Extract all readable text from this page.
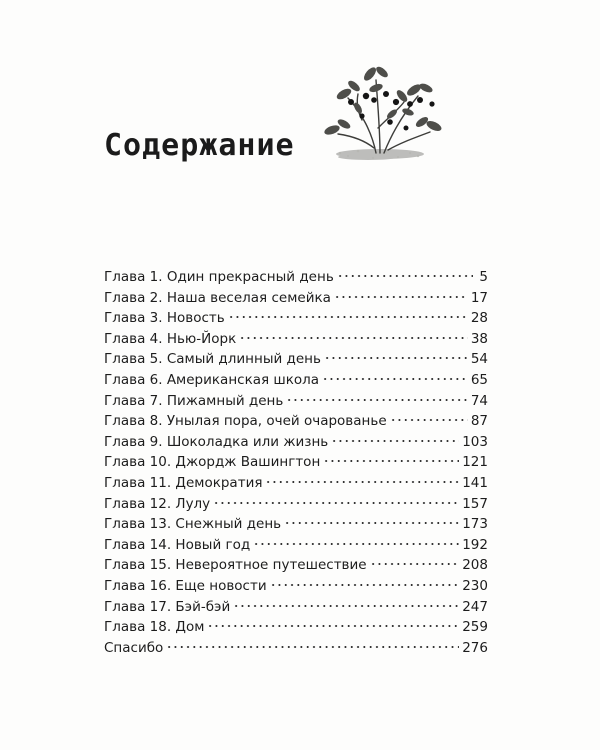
Содержание
Глава 1. Один прекрасный день	5
Глава 2. Наша веселая семейка	17
Глава 3. Новость	28
Глава 4. Нью-Йорк	38
Глава 5. Самый длинный день	54
Глава 6. Американская школа	65
Глава 7. Пижамный день	74
Глава 8. Унылая пора, очей очарованье	87
Глава 9. Шоколадка или жизнь	103
Глава 10. Джордж Вашингтон	121
Глава 11. Демократия	141
Глава 12. Лулу	157
Глава 13. Снежный день	173
Глава 14. Новый год	192
Глава 15. Невероятное путешествие	208
Глава 16. Еще новости	230
Глава 17. Бэй-бэй	247
Глава 18. Дом	259
Спасибо	276
